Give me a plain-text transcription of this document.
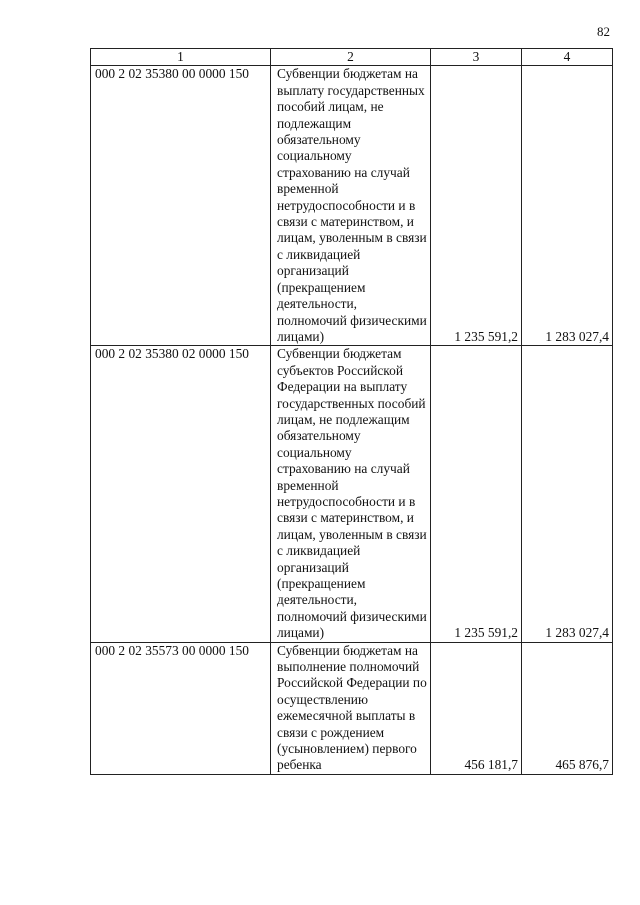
82
1	2	3	4
000 2 02 35380 00 0000 150	Субвенции бюджетам на выплату государственных пособий лицам, не подлежащим обязательному социальному страхованию на случай временной нетрудоспособности и в связи с материнством, и лицам, уволенным в связи с ликвидацией организаций (прекращением деятельности, полномочий физическими лицами)	1 235 591,2	1 283 027,4
000 2 02 35380 02 0000 150	Субвенции бюджетам субъектов Российской Федерации на выплату государственных пособий лицам, не подлежащим обязательному социальному страхованию на случай временной нетрудоспособности и в связи с материнством, и лицам, уволенным в связи с ликвидацией организаций (прекращением деятельности, полномочий физическими лицами)	1 235 591,2	1 283 027,4
000 2 02 35573 00 0000 150	Субвенции бюджетам на выполнение полномочий Российской Федерации по осуществлению ежемесячной выплаты в связи с рождением (усыновлением) первого ребенка	456 181,7	465 876,7
